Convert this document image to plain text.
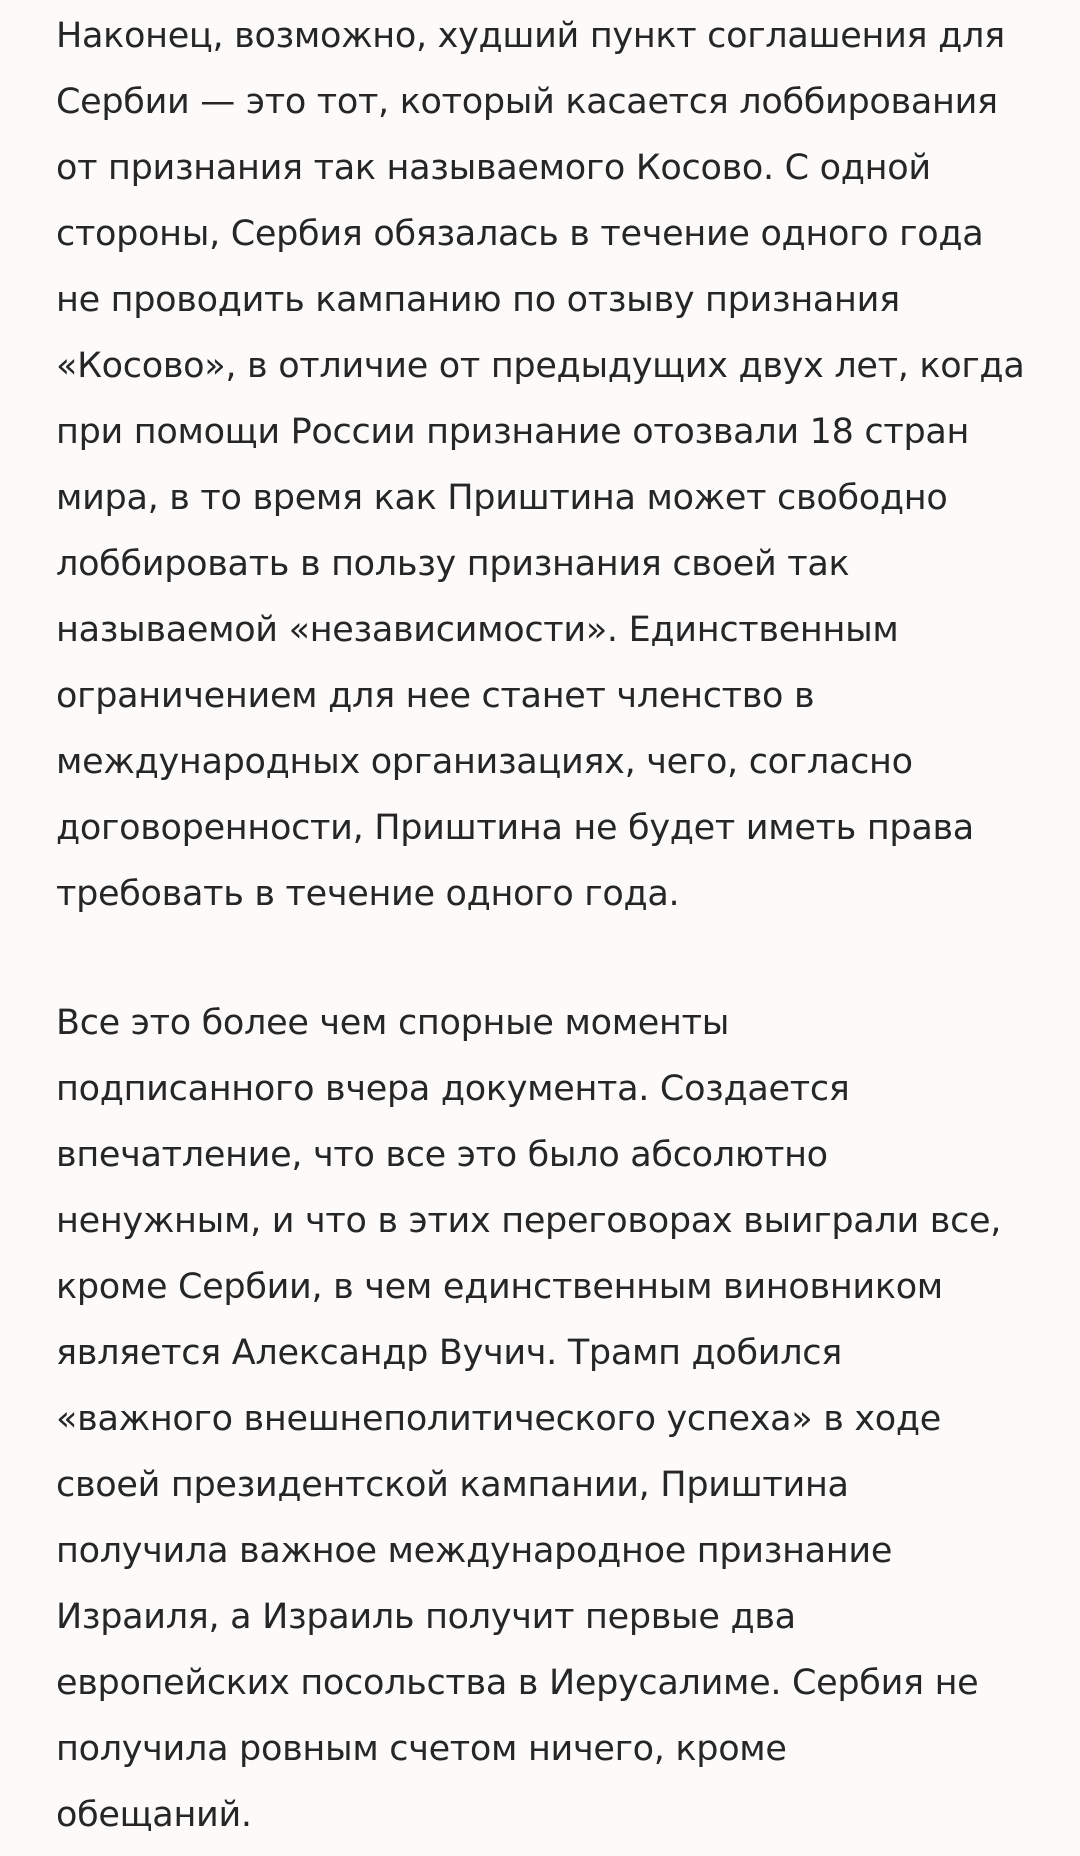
Наконец, возможно, худший пункт соглашения для
Сербии — это тот, который касается лоббирования
от признания так называемого Косово. С одной
стороны, Сербия обязалась в течение одного года
не проводить кампанию по отзыву признания
«Косово», в отличие от предыдущих двух лет, когда
при помощи России признание отозвали 18 стран
мира, в то время как Приштина может свободно
лоббировать в пользу признания своей так
называемой «независимости». Единственным
ограничением для нее станет членство в
международных организациях, чего, согласно
договоренности, Приштина не будет иметь права
требовать в течение одного года.
Все это более чем спорные моменты
подписанного вчера документа. Создается
впечатление, что все это было абсолютно
ненужным, и что в этих переговорах выиграли все,
кроме Сербии, в чем единственным виновником
является Александр Вучич. Трамп добился
«важного внешнеполитического успеха» в ходе
своей президентской кампании, Приштина
получила важное международное признание
Израиля, а Израиль получит первые два
европейских посольства в Иерусалиме. Сербия не
получила ровным счетом ничего, кроме
обещаний.
